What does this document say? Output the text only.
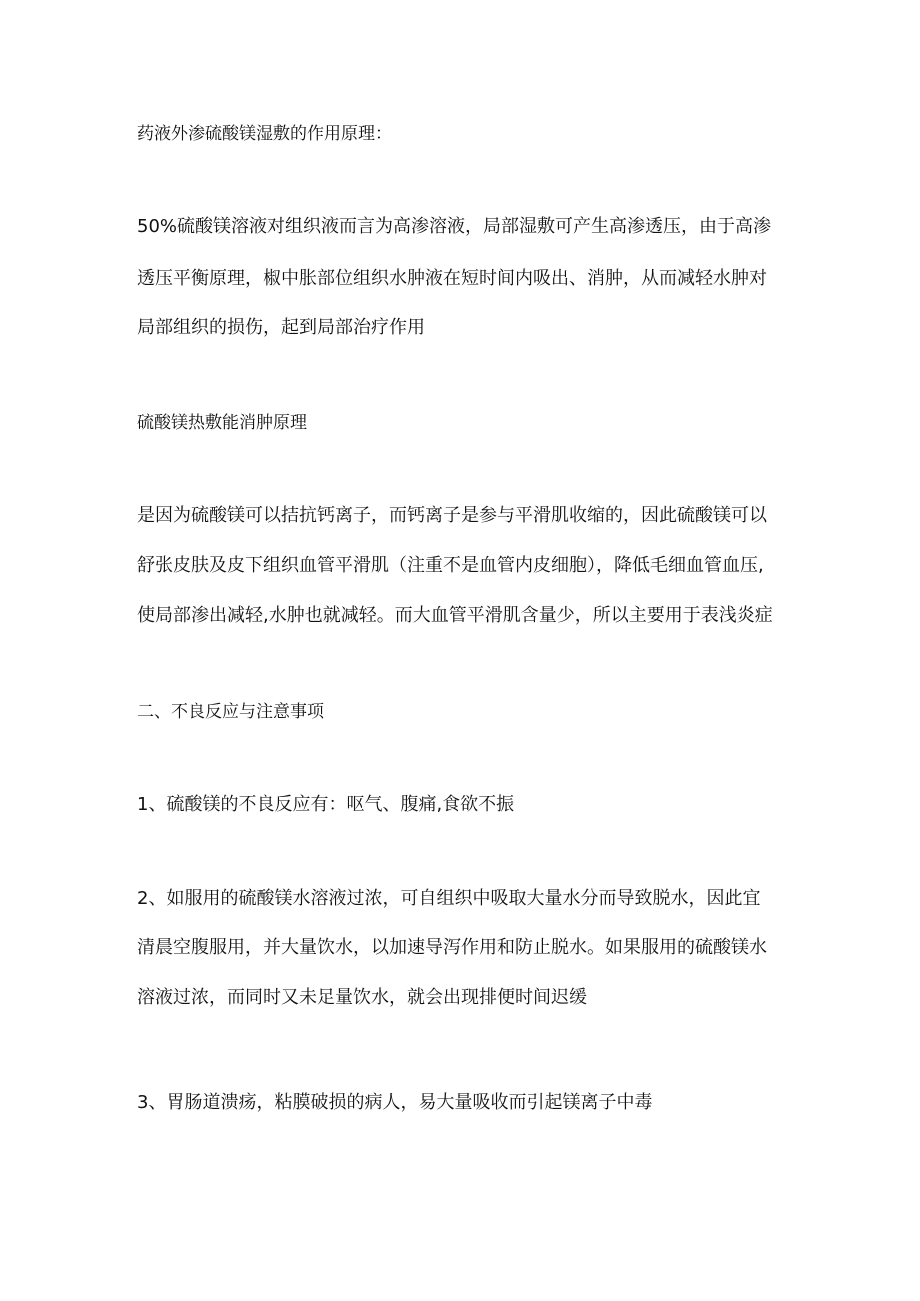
药液外渗硫酸镁湿敷的作用原理：

50%硫酸镁溶液对组织液而言为高渗溶液，局部湿敷可产生高渗透压，由于高渗

透压平衡原理，椒中胀部位组织水肿液在短时间内吸出、消肿，从而减轻水肿对

局部组织的损伤，起到局部治疗作用

硫酸镁热敷能消肿原理

是因为硫酸镁可以拮抗钙离子，而钙离子是参与平滑肌收缩的，因此硫酸镁可以

舒张皮肤及皮下组织血管平滑肌（注重不是血管内皮细胞），降低毛细血管血压,

使局部渗出减轻,水肿也就减轻。而大血管平滑肌含量少，所以主要用于表浅炎症

二、不良反应与注意事项

1、硫酸镁的不良反应有：呕气、腹痛,食欲不振

2、如服用的硫酸镁水溶液过浓，可自组织中吸取大量水分而导致脱水，因此宜

清晨空腹服用，并大量饮水，以加速导泻作用和防止脱水。如果服用的硫酸镁水

溶液过浓，而同时又未足量饮水，就会出现排便时间迟缓

3、胃肠道溃疡，粘膜破损的病人，易大量吸收而引起镁离子中毒
